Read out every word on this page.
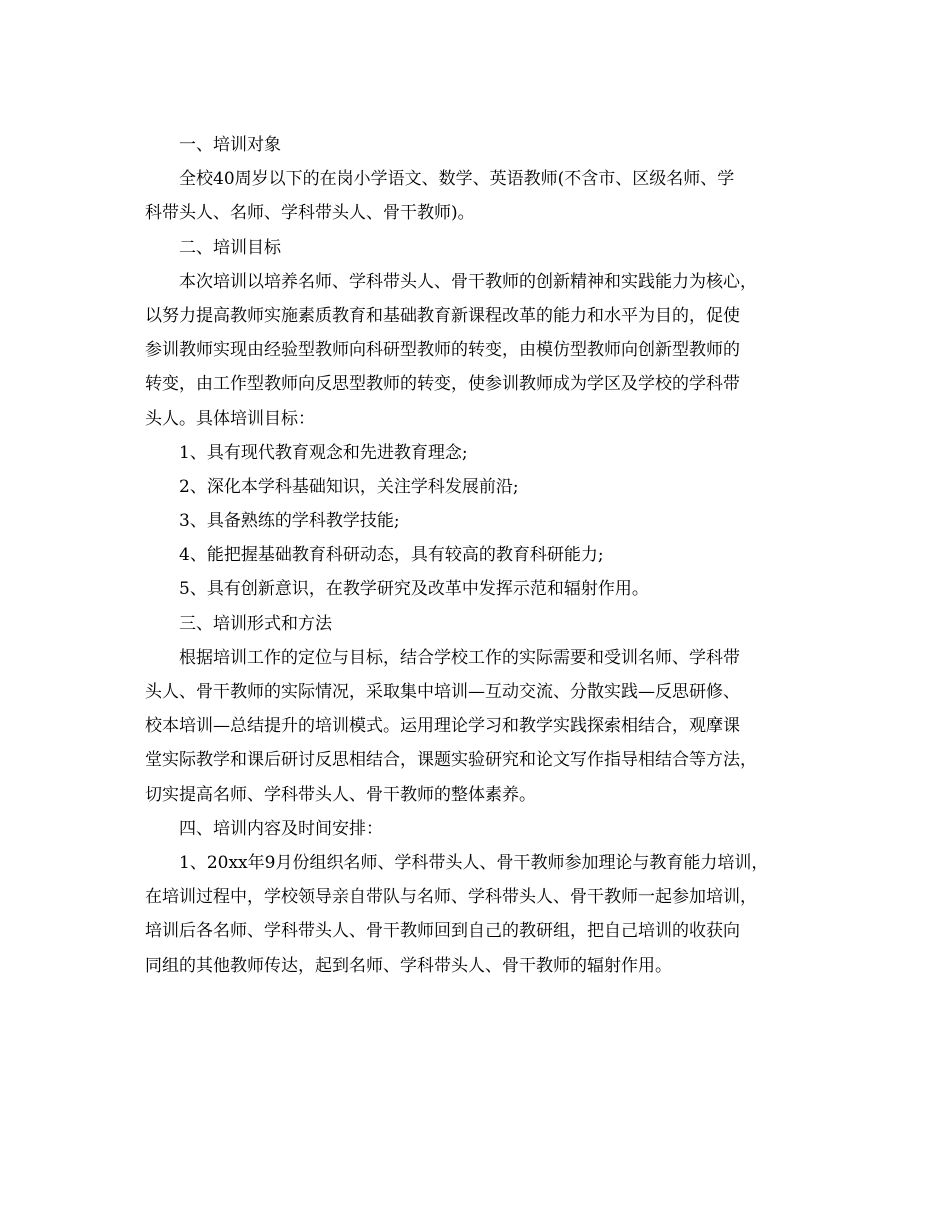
一、培训对象
全校40周岁以下的在岗小学语文、数学、英语教师(不含市、区级名师、学
科带头人、名师、学科带头人、骨干教师)。
二、培训目标
本次培训以培养名师、学科带头人、骨干教师的创新精神和实践能力为核心，
以努力提高教师实施素质教育和基础教育新课程改革的能力和水平为目的，促使
参训教师实现由经验型教师向科研型教师的转变，由模仿型教师向创新型教师的
转变，由工作型教师向反思型教师的转变，使参训教师成为学区及学校的学科带
头人。具体培训目标：
1、具有现代教育观念和先进教育理念;
2、深化本学科基础知识，关注学科发展前沿;
3、具备熟练的学科教学技能;
4、能把握基础教育科研动态，具有较高的教育科研能力;
5、具有创新意识，在教学研究及改革中发挥示范和辐射作用。
三、培训形式和方法
根据培训工作的定位与目标，结合学校工作的实际需要和受训名师、学科带
头人、骨干教师的实际情况，采取集中培训—互动交流、分散实践—反思研修、
校本培训—总结提升的培训模式。运用理论学习和教学实践探索相结合，观摩课
堂实际教学和课后研讨反思相结合，课题实验研究和论文写作指导相结合等方法，
切实提高名师、学科带头人、骨干教师的整体素养。
四、培训内容及时间安排：
1、20xx年9月份组织名师、学科带头人、骨干教师参加理论与教育能力培训，
在培训过程中，学校领导亲自带队与名师、学科带头人、骨干教师一起参加培训，
培训后各名师、学科带头人、骨干教师回到自己的教研组，把自己培训的收获向
同组的其他教师传达，起到名师、学科带头人、骨干教师的辐射作用。
